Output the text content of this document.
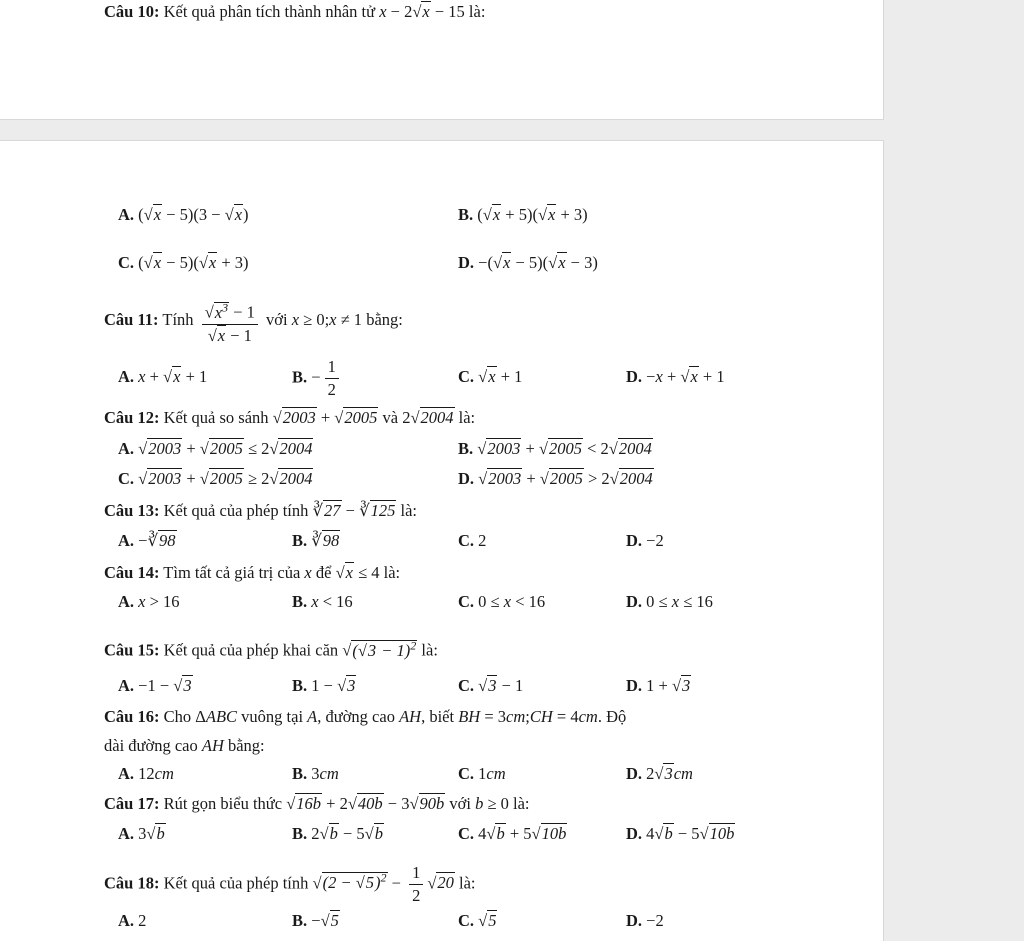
Câu 10: Kết quả phân tích thành nhân tử x − 2√x − 15 là:
A. (√x − 5)(3 − √x)	B. (√x + 5)(√x + 3)
C. (√x − 5)(√x + 3)	D. −(√x − 5)(√x − 3)
Câu 11: Tính $\frac{√x^3 - 1}{√x - 1}$ với x ≥ 0;x ≠ 1 bằng:
A. x + √x + 1	B. − $\frac{1}{2}$	C. √x + 1	D. −x + √x + 1
Câu 12: Kết quả so sánh √2003 + √2005 và 2√2004 là:
A. √2003 + √2005 ≤ 2√2004	B. √2003 + √2005 < 2√2004
C. √2003 + √2005 ≥ 2√2004	D. √2003 + √2005 > 2√2004
Câu 13: Kết quả của phép tính ∛27 − ∛125 là:
A. −∛98	B. ∛98	C. 2	D. −2
Câu 14: Tìm tất cả giá trị của x để √x ≤ 4 là:
A. x > 16	B. x < 16	C. 0 ≤ x < 16	D. 0 ≤ x ≤ 16
Câu 15: Kết quả của phép khai căn $√(√3 - 1)^2$ là:
A. −1 − √3	B. 1 − √3	C. √3 − 1	D. 1 + √3
Câu 16: Cho ΔABC vuông tại A, đường cao AH, biết BH = 3cm;CH = 4cm. Độ
dài đường cao AH bằng:
A. 12cm	B. 3cm	C. 1cm	D. 2√3cm
Câu 17: Rút gọn biểu thức √16b + 2√40b − 3√90b với b ≥ 0 là:
A. 3√b	B. 2√b − 5√b	C. 4√b + 5√10b	D. 4√b − 5√10b
Câu 18: Kết quả của phép tính $√(2 - √5)^2 - \frac{1}{2} √20$ là:
A. 2	B. −√5	C. √5	D. −2
